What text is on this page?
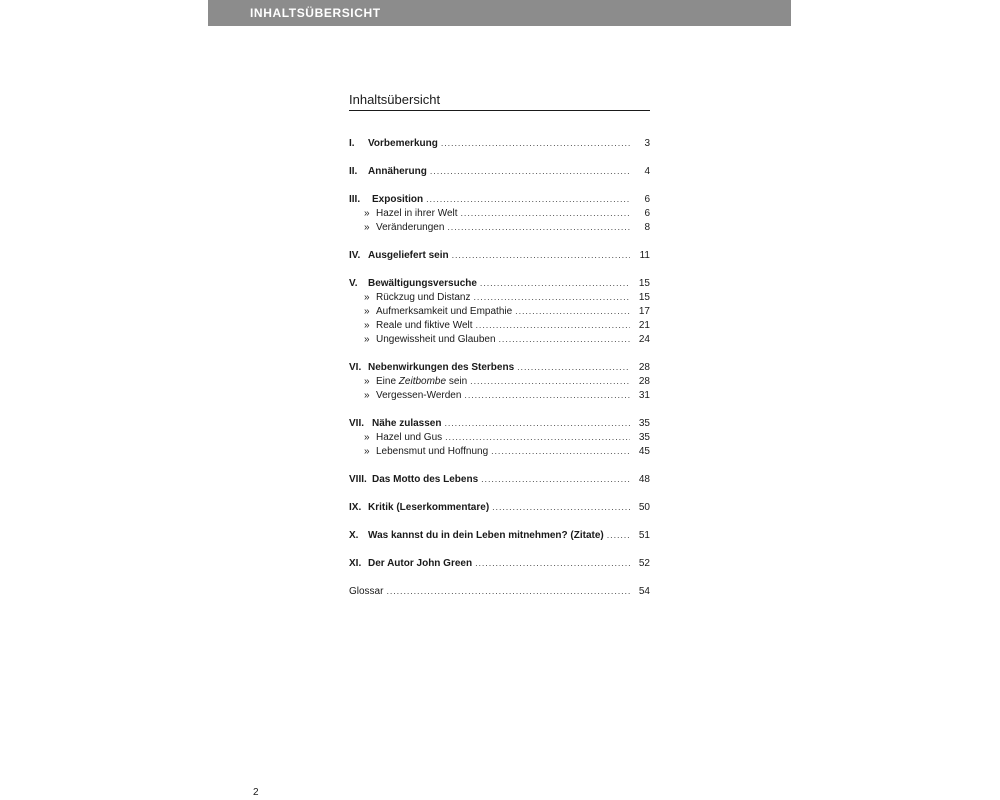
INHALTSÜBERSICHT
Inhaltsübersicht
I.	Vorbemerkung . . .	3
II.	Annäherung . . .	4
III.	Exposition . . .	6
» Hazel in ihrer Welt . . .	6
» Veränderungen . . .	8
IV. Ausgeliefert sein . . .	11
V.	Bewältigungsversuche . . .	15
» Rückzug und Distanz . . .	15
» Aufmerksamkeit und Empathie . . .	17
» Reale und fiktive Welt . . .	21
» Ungewissheit und Glauben . . .	24
VI. Nebenwirkungen des Sterbens . . .	28
» Eine Zeitbombe sein . . .	28
» Vergessen-Werden . . .	31
VII. Nähe zulassen . . .	35
» Hazel und Gus . . .	35
» Lebensmut und Hoffnung . . .	45
VIII. Das Motto des Lebens . . .	48
IX. Kritik (Leserkommentare) . . .	50
X. Was kannst du in dein Leben mitnehmen? (Zitate) . . .	51
XI. Der Autor John Green . . .	52
Glossar . . .	54
2
